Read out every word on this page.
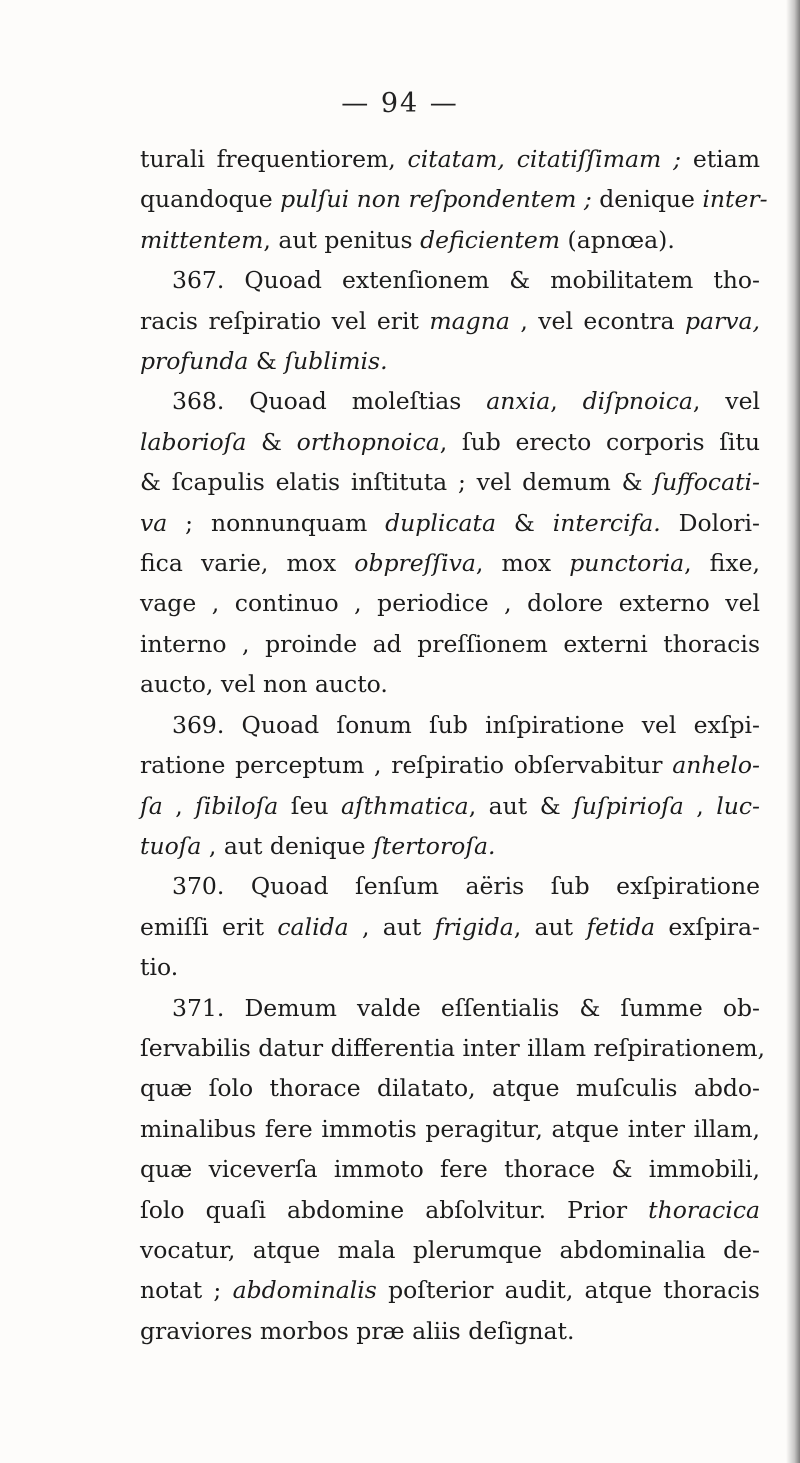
— 94 —
turali frequentiorem, citatam, citatiſſimam ; etiam
quandoque pulſui non reſpondentem ; denique inter-
mittentem, aut penitus deficientem (apnœa).
367. Quoad extenſionem & mobilitatem tho-
racis reſpiratio vel erit magna , vel econtra parva,
profunda & ſublimis.
368. Quoad moleſtias anxia, diſpnoica, vel
laborioſa & orthopnoica, ſub erecto corporis ſitu
& ſcapulis elatis inſtituta ; vel demum & ſuffocati-
va ; nonnunquam duplicata & intercifa. Dolori-
fica varie, mox obpreſſiva, mox punctoria, fixe,
vage , continuo , periodice , dolore externo vel
interno , proinde ad preſſionem externi thoracis
aucto, vel non aucto.
369. Quoad ſonum ſub inſpiratione vel exſpi-
ratione perceptum , reſpiratio obſervabitur anhelo-
ſa , ſibiloſa ſeu aſthmatica, aut & ſuſpirioſa , luc-
tuoſa , aut denique ſtertoroſa.
370. Quoad ſenſum aëris ſub exſpiratione
emiſſi erit calida , aut frigida, aut fetida exſpira-
tio.
371. Demum valde eſſentialis & ſumme ob-
ſervabilis datur differentia inter illam reſpirationem,
quæ ſolo thorace dilatato, atque muſculis abdo-
minalibus fere immotis peragitur, atque inter illam,
quæ viceverſa immoto fere thorace & immobili,
ſolo quaſi abdomine abſolvitur. Prior thoracica
vocatur, atque mala plerumque abdominalia de-
notat ; abdominalis poſterior audit, atque thoracis
graviores morbos præ aliis deſignat.
